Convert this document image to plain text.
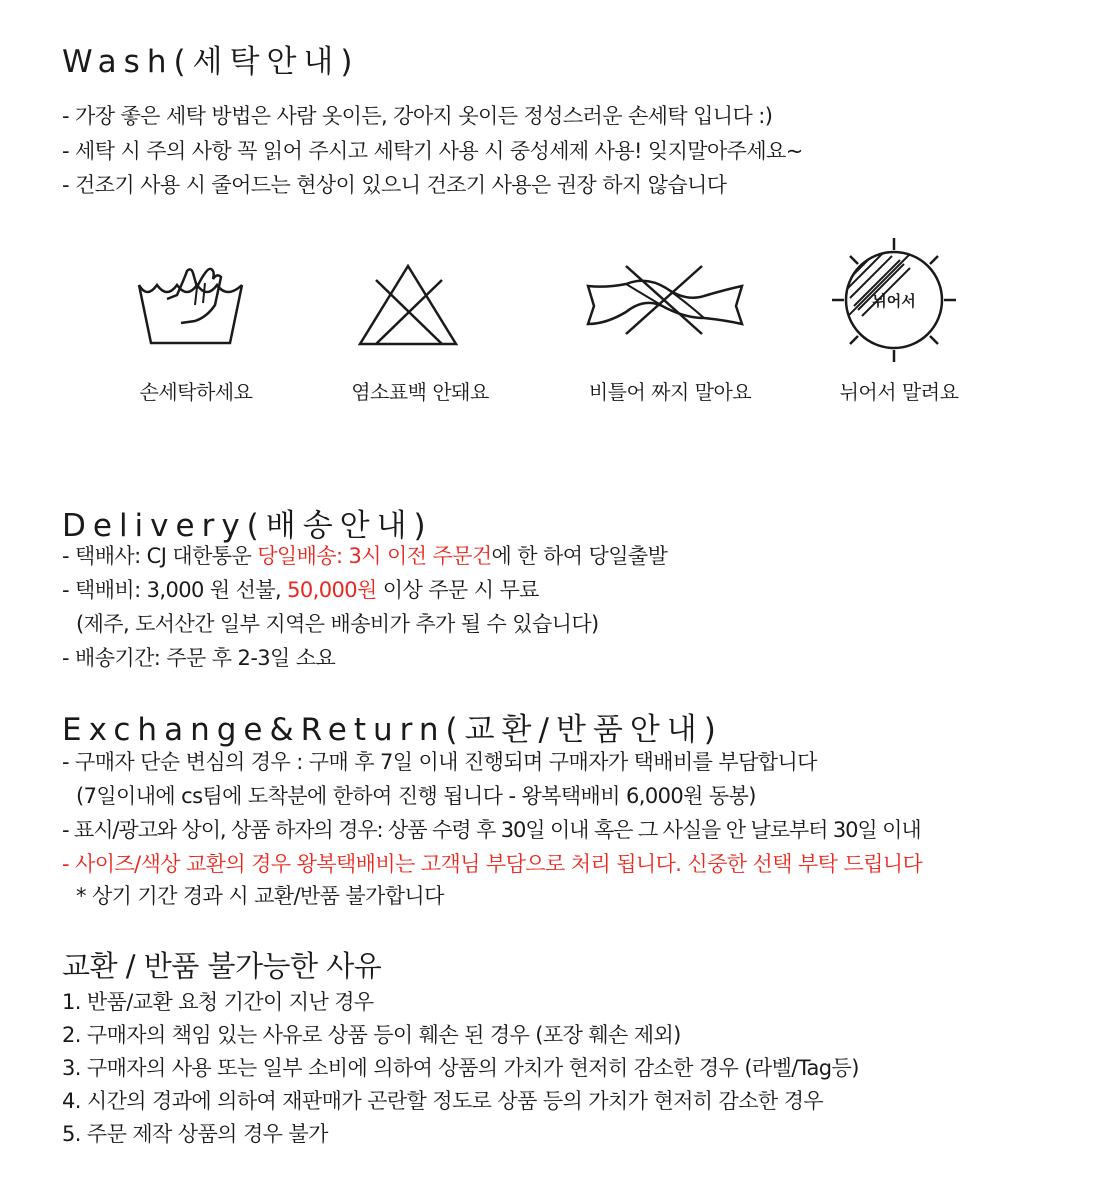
Wash(세탁안내)
- 가장 좋은 세탁 방법은 사람 옷이든, 강아지 옷이든 정성스러운 손세탁 입니다 :)
- 세탁 시 주의 사항 꼭 읽어 주시고 세탁기 사용 시 중성세제 사용! 잊지말아주세요~
- 건조기 사용 시 줄어드는 현상이 있으니 건조기 사용은 권장 하지 않습니다
뉘어서
손세탁하세요	염소표백 안돼요	비틀어 짜지 말아요	뉘어서 말려요
Delivery(배송안내)
- 택배사: CJ 대한통운 당일배송: 3시 이전 주문건에 한 하여 당일출발
- 택배비: 3,000 원 선불, 50,000원 이상 주문 시 무료
(제주, 도서산간 일부 지역은 배송비가 추가 될 수 있습니다)
- 배송기간: 주문 후 2-3일 소요
Exchange&Return(교환/반품안내)
- 구매자 단순 변심의 경우 : 구매 후 7일 이내 진행되며 구매자가 택배비를 부담합니다
(7일이내에 cs팀에 도착분에 한하여 진행 됩니다 - 왕복택배비 6,000원 동봉)
- 표시/광고와 상이, 상품 하자의 경우: 상품 수령 후 30일 이내 혹은 그 사실을 안 날로부터 30일 이내
- 사이즈/색상 교환의 경우 왕복택배비는 고객님 부담으로 처리 됩니다. 신중한 선택 부탁 드립니다
* 상기 기간 경과 시 교환/반품 불가합니다
교환 / 반품 불가능한 사유
1. 반품/교환 요청 기간이 지난 경우
2. 구매자의 책임 있는 사유로 상품 등이 훼손 된 경우 (포장 훼손 제외)
3. 구매자의 사용 또는 일부 소비에 의하여 상품의 가치가 현저히 감소한 경우 (라벨/Tag등)
4. 시간의 경과에 의하여 재판매가 곤란할 정도로 상품 등의 가치가 현저히 감소한 경우
5. 주문 제작 상품의 경우 불가
